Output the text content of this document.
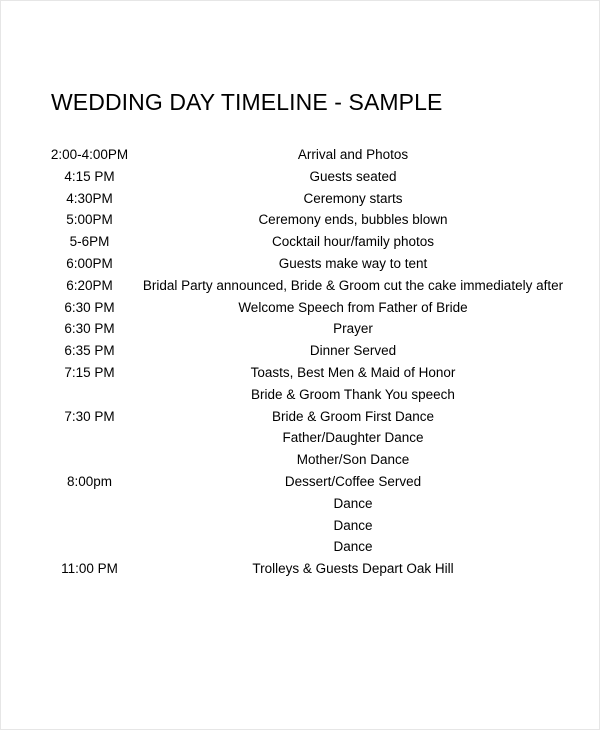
WEDDING DAY TIMELINE - SAMPLE
2:00-4:00PM	Arrival and Photos
4:15 PM	Guests seated
4:30PM	Ceremony starts
5:00PM	Ceremony ends, bubbles blown
5-6PM	Cocktail hour/family photos
6:00PM	Guests make way to tent
6:20PM	Bridal Party announced, Bride & Groom cut the cake immediately after
6:30 PM	Welcome Speech from Father of Bride
6:30 PM	Prayer
6:35 PM	Dinner Served
7:15 PM	Toasts, Best Men & Maid of Honor
Bride & Groom Thank You speech
7:30 PM	Bride & Groom First Dance
Father/Daughter Dance
Mother/Son Dance
8:00pm	Dessert/Coffee Served
Dance
Dance
Dance
11:00 PM	Trolleys & Guests Depart Oak Hill
